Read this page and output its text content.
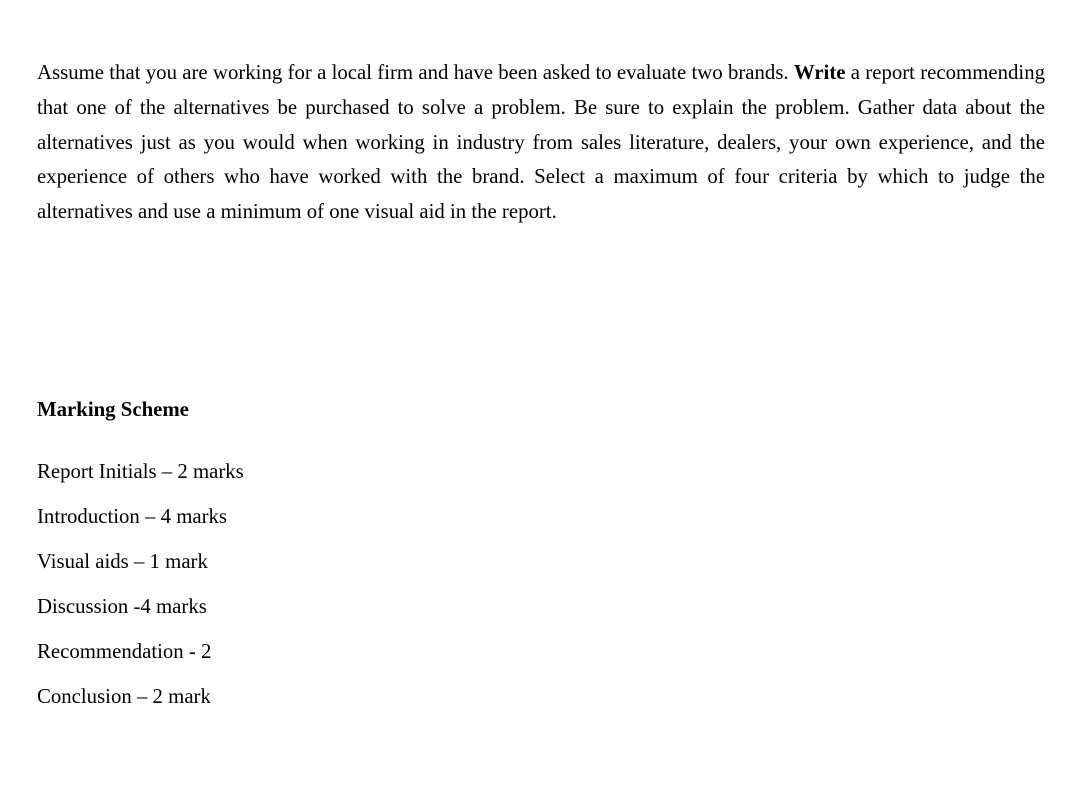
Assume that you are working for a local firm and have been asked to evaluate two brands. Write a report recommending that one of the alternatives be purchased to solve a problem. Be sure to explain the problem. Gather data about the alternatives just as you would when working in industry from sales literature, dealers, your own experience, and the experience of others who have worked with the brand. Select a maximum of four criteria by which to judge the alternatives and use a minimum of one visual aid in the report.

Marking Scheme
Report Initials – 2 marks
Introduction – 4 marks
Visual aids – 1 mark
Discussion -4 marks
Recommendation - 2
Conclusion – 2 mark
